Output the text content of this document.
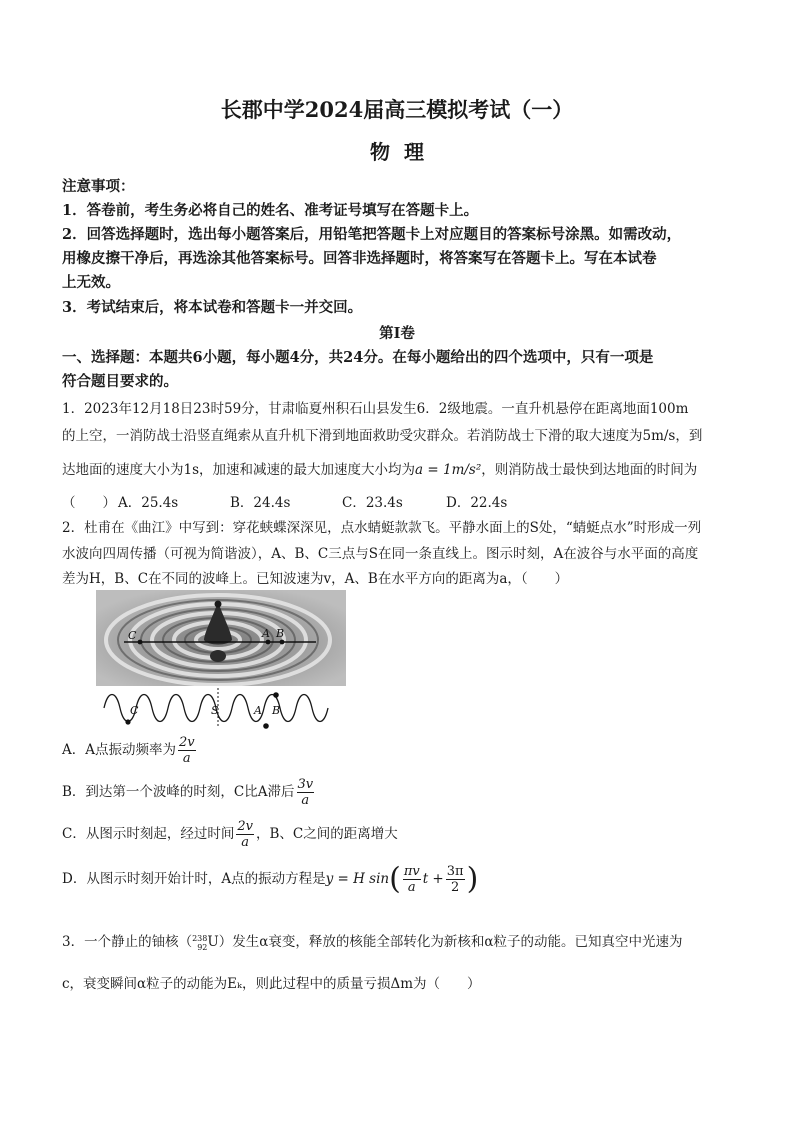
长郡中学2024届高三模拟考试（一）
物理
注意事项：
1．答卷前，考生务必将自己的姓名、准考证号填写在答题卡上。
2．回答选择题时，选出每小题答案后，用铅笔把答题卡上对应题目的答案标号涂黑。如需改动，
用橡皮擦干净后，再选涂其他答案标号。回答非选择题时，将答案写在答题卡上。写在本试卷
上无效。
3．考试结束后，将本试卷和答题卡一并交回。
第Ⅰ卷
一、选择题：本题共6小题，每小题4分，共24分。在每小题给出的四个选项中，只有一项是
符合题目要求的。
1．2023年12月18日23时59分，甘肃临夏州积石山县发生6．2级地震。一直升机悬停在距离地面100m
的上空，一消防战士沿竖直绳索从直升机下滑到地面救助受灾群众。若消防战士下滑的取大速度为5m/s，到
达地面的速度大小为1s，加速和减速的最大加速度大小均为a = 1m/s²，则消防战士最快到达地面的时间为
（　　） A．25.4s	B．24.4s	C．23.4s	D．22.4s
2．杜甫在《曲江》中写到：穿花蛱蝶深深见，点水蜻蜓款款飞。平静水面上的S处，“蜻蜓点水”时形成一列
水波向四周传播（可视为简谐波），A、B、C三点与S在同一条直线上。图示时刻，A在波谷与水平面的高度
差为H，B、C在不同的波峰上。已知波速为v，A、B在水平方向的距离为a，（　　）
C	A B
C	S	A B
A．A点振动频率为 $\frac{2v}{a}$
B．到达第一个波峰的时刻，C比A滞后 $\frac{3v}{a}$
C．从图示时刻起，经过时间 $\frac{2v}{a}$ ，B、C之间的距离增大
D．从图示时刻开始计时，A点的振动方程是y = H $\sin( \frac{\pi v}{a}$ $t + \frac{3\pi}{2}$ )
3．一个静止的铀核（ 238
92 U）发生α衰变，释放的核能全部转化为新核和α粒子的动能。已知真空中光速为
c，衰变瞬间α粒子的动能为Eₖ，则此过程中的质量亏损Δm为（　　）
